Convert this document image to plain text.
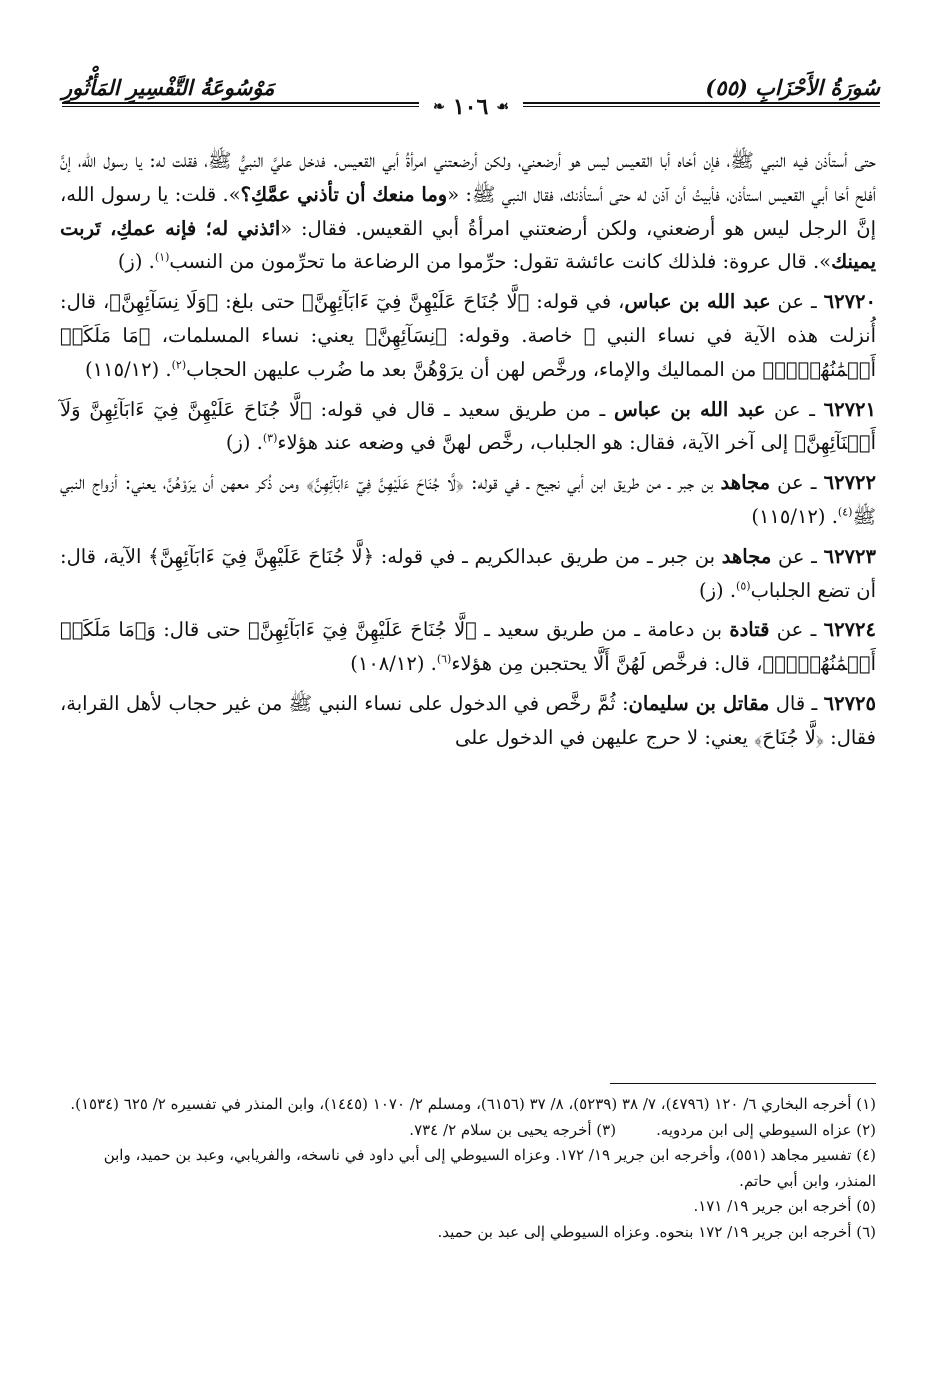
سُورَةُ الأَحْزَابِ (٥٥)
مَوْسُوعَةُ التَّفْسِيرِ المَأْثُورِ
☙
١٠٦
❧

حتى أستأذن فيه النبي ﷺ، فإن أخاه أبا القعيس ليس هو أرضعني، ولكن أرضعتني امرأةُ أبي القعيس. فدخل عليَّ النبيُّ ﷺ، فقلت له: يا رسول الله، إنَّ أفلح أخا أبي القعيس استأذن، فأبيتُ أن آذن له حتى أستأذنك، فقال النبي ﷺ: «وما منعك أن تأذني عمَّكِ؟». قلت: يا رسول الله، إنَّ الرجل ليس هو أرضعني، ولكن أرضعتني امرأةُ أبي القعيس. فقال: «ائذني له؛ فإنه عمكِ، تَربت يمينك». قال عروة: فلذلك كانت عائشة تقول: حرِّموا من الرضاعة ما تحرِّمون من النسب$^{(١)}$. (ز)

٦٢٧٢٠ ـ عن عبد الله بن عباس، في قوله: ﴿لَّا جُنَاحَ عَلَيْهِنَّ فِيٓ ءَابَآئِهِنَّ﴾ حتى بلغ: ﴿وَلَا نِسَآئِهِنَّ﴾، قال: أُنزلت هذه الآية في نساء النبي ﷺ خاصة. وقوله: ﴿نِسَآئِهِنَّ﴾ يعني: نساء المسلمات، ﴿مَا مَلَكَتۡ أَيۡمَٰنُهُنَّۗ﴾ من المماليك والإماء، ورخَّص لهن أن يرَوْهُنَّ بعد ما ضُرب عليهن الحجاب$^{(٢)}$. (١١٥/١٢)

٦٢٧٢١ ـ عن عبد الله بن عباس ـ من طريق سعيد ـ قال في قوله: ﴿لَّا جُنَاحَ عَلَيْهِنَّ فِيٓ ءَابَآئِهِنَّ وَلَآ أَبۡنَآئِهِنَّ﴾ إلى آخر الآية، فقال: هو الجلباب، رخَّص لهنَّ في وضعه عند هؤلاء$^{(٣)}$. (ز)

٦٢٧٢٢ ـ عن مجاهد بن جبر ـ من طريق ابن أبي نجيح ـ في قوله: ﴿لَّا جُنَاحَ عَلَيْهِنَّ فِيٓ ءَابَآئِهِنَّ﴾ ومن ذُكر معهن أن يرَوْهُنَّ، يعني: أزواج النبي ﷺ$^{(٤)}$. (١١٥/١٢)

٦٢٧٢٣ ـ عن مجاهد بن جبر ـ من طريق عبدالكريم ـ في قوله: ﴿لَّا جُنَاحَ عَلَيْهِنَّ فِيٓ ءَابَآئِهِنَّ﴾ الآية، قال: أن تضع الجلباب$^{(٥)}$. (ز)

٦٢٧٢٤ ـ عن قتادة بن دعامة ـ من طريق سعيد ـ ﴿لَّا جُنَاحَ عَلَيْهِنَّ فِيٓ ءَابَآئِهِنَّ﴾ حتى قال: وَ﴿مَا مَلَكَتۡ أَيۡمَٰنُهُنَّۗ﴾، قال: فرخَّص لَهُنَّ أَلَّا يحتجبن مِن هؤلاء$^{(٦)}$. (١٠٨/١٢)

٦٢٧٢٥ ـ قال مقاتل بن سليمان: ثُمَّ رخَّص في الدخول على نساء النبي ﷺ من غير حجاب لأهل القرابة، فقال: ﴿لَّا جُنَاحَ﴾ يعني: لا حرج عليهن في الدخول على

(١) أخرجه البخاري ٦/ ١٢٠ (٤٧٩٦)، ٧/ ٣٨ (٥٢٣٩)، ٨/ ٣٧ (٦١٥٦)، ومسلم ٢/ ١٠٧٠ (١٤٤٥)، وابن المنذر في تفسيره ٢/ ٦٢٥ (١٥٣٤).

(٢) عزاه السيوطي إلى ابن مردويه.

(٣) أخرجه يحيى بن سلام ٢/ ٧٣٤.

(٤) تفسير مجاهد (٥٥١)، وأخرجه ابن جرير ١٩/ ١٧٢. وعزاه السيوطي إلى أبي داود في ناسخه، والفريابي، وعبد بن حميد، وابن المنذر، وابن أبي حاتم.

(٥) أخرجه ابن جرير ١٩/ ١٧١.

(٦) أخرجه ابن جرير ١٩/ ١٧٢ بنحوه. وعزاه السيوطي إلى عبد بن حميد.
